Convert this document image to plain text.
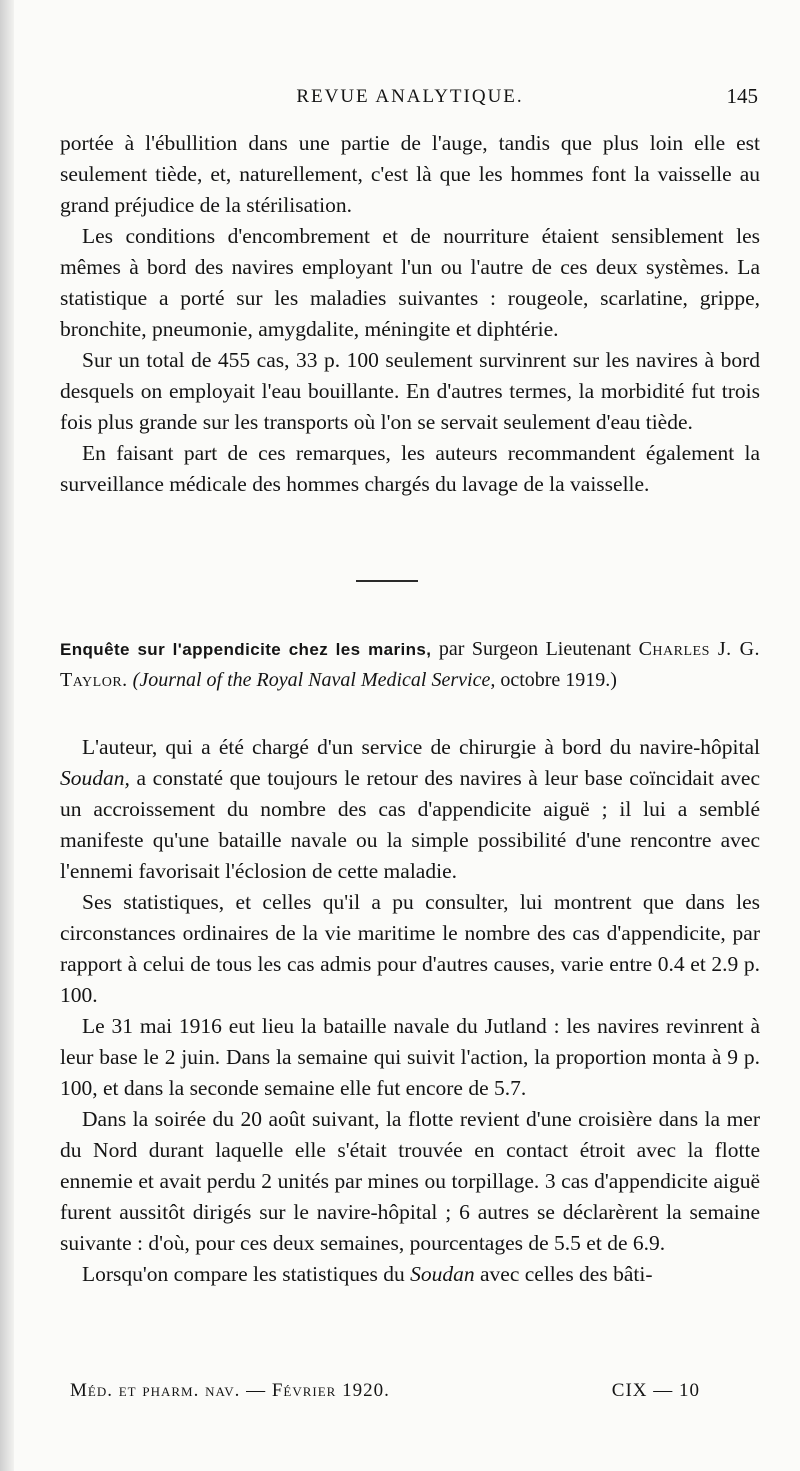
REVUE ANALYTIQUE.	145

portée à l'ébullition dans une partie de l'auge, tandis que plus loin elle est seulement tiède, et, naturellement, c'est là que les hommes font la vaisselle au grand préjudice de la stérilisation.

Les conditions d'encombrement et de nourriture étaient sensiblement les mêmes à bord des navires employant l'un ou l'autre de ces deux systèmes. La statistique a porté sur les maladies suivantes : rougeole, scarlatine, grippe, bronchite, pneumonie, amygdalite, méningite et diphtérie.

Sur un total de 455 cas, 33 p. 100 seulement survinrent sur les navires à bord desquels on employait l'eau bouillante. En d'autres termes, la morbidité fut trois fois plus grande sur les transports où l'on se servait seulement d'eau tiède.

En faisant part de ces remarques, les auteurs recommandent également la surveillance médicale des hommes chargés du lavage de la vaisselle.

Enquête sur l'appendicite chez les marins, par Surgeon Lieutenant Charles J. G. Taylor. (Journal of the Royal Naval Medical Service, octobre 1919.)

L'auteur, qui a été chargé d'un service de chirurgie à bord du navire-hôpital Soudan, a constaté que toujours le retour des navires à leur base coïncidait avec un accroissement du nombre des cas d'appendicite aiguë ; il lui a semblé manifeste qu'une bataille navale ou la simple possibilité d'une rencontre avec l'ennemi favorisait l'éclosion de cette maladie.

Ses statistiques, et celles qu'il a pu consulter, lui montrent que dans les circonstances ordinaires de la vie maritime le nombre des cas d'appendicite, par rapport à celui de tous les cas admis pour d'autres causes, varie entre 0.4 et 2.9 p. 100.

Le 31 mai 1916 eut lieu la bataille navale du Jutland : les navires revinrent à leur base le 2 juin. Dans la semaine qui suivit l'action, la proportion monta à 9 p. 100, et dans la seconde semaine elle fut encore de 5.7.

Dans la soirée du 20 août suivant, la flotte revient d'une croisière dans la mer du Nord durant laquelle elle s'était trouvée en contact étroit avec la flotte ennemie et avait perdu 2 unités par mines ou torpillage. 3 cas d'appendicite aiguë furent aussitôt dirigés sur le navire-hôpital ; 6 autres se déclarèrent la semaine suivante : d'où, pour ces deux semaines, pourcentages de 5.5 et de 6.9.

Lorsqu'on compare les statistiques du Soudan avec celles des bâti-

Méd. et pharm. nav. — Février 1920.	CIX — 10
